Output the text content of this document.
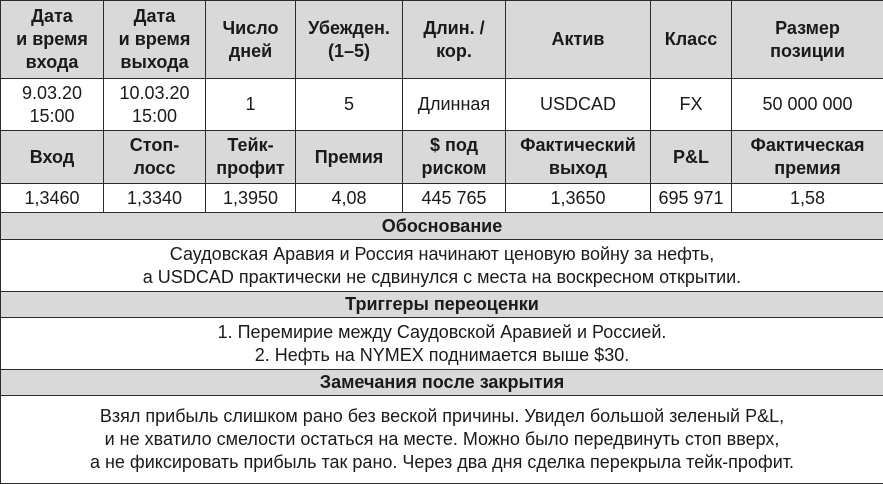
Дата
и время
входа	Дата
и время
выхода	Число
дней	Убежден.
(1–5)	Длин. /
кор.	Актив	Класс	Размер
позиции

9.03.20
15:00	10.03.20
15:00	1	5	Длинная	USDCAD	FX	50 000 000

Вход	Стоп-
лосс	Тейк-
профит	Премия	$ под
риском	Фактический
выход	P&L	Фактическая
премия

1,3460	1,3340	1,3950	4,08	445 765	1,3650	695 971	1,58

Обоснование							

Саудовская Аравия и Россия начинают ценовую войну за нефть,
а USDCAD практически не сдвинулся с места на воскресном открытии.							

Триггеры переоценки							

1. Перемирие между Саудовской Аравией и Россией.
2. Нефть на NYMEX поднимается выше $30.							

Замечания после закрытия							

Взял прибыль слишком рано без веской причины. Увидел большой зеленый P&L,
и не хватило смелости остаться на месте. Можно было передвинуть стоп вверх,
а не фиксировать прибыль так рано. Через два дня сделка перекрыла тейк-профит.							
